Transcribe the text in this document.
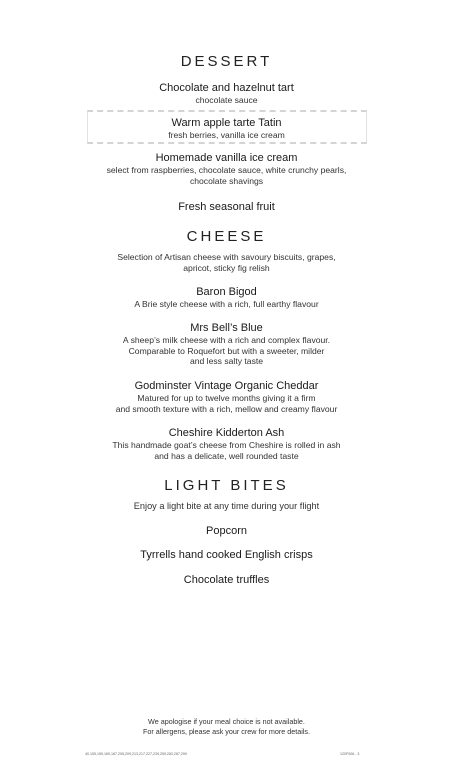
DESSERT
Chocolate and hazelnut tart
chocolate sauce
Warm apple tarte Tatin
fresh berries, vanilla ice cream
Homemade vanilla ice cream
select from raspberries, chocolate sauce, white crunchy pearls,
chocolate shavings
Fresh seasonal fruit
CHEESE
Selection of Artisan cheese with savoury biscuits, grapes,
apricot, sticky fig relish
Baron Bigod
A Brie style cheese with a rich, full earthy flavour
Mrs Bell’s Blue
A sheep’s milk cheese with a rich and complex flavour.
Comparable to Roquefort but with a sweeter, milder
and less salty taste
Godminster Vintage Organic Cheddar
Matured for up to twelve months giving it a firm
and smooth texture with a rich, mellow and creamy flavour
Cheshire Kidderton Ash
This handmade goat’s cheese from Cheshire is rolled in ash
and has a delicate, well rounded taste
LIGHT BITES
Enjoy a light bite at any time during your flight
Popcorn
Tyrrells hand cooked English crisps
Chocolate truffles
We apologise if your meal choice is not available.
For allergens, please ask your crew for more details.
40,155,159,169,187,205,209,213,217,227,239,259,283,287,299	120F006 - 3
